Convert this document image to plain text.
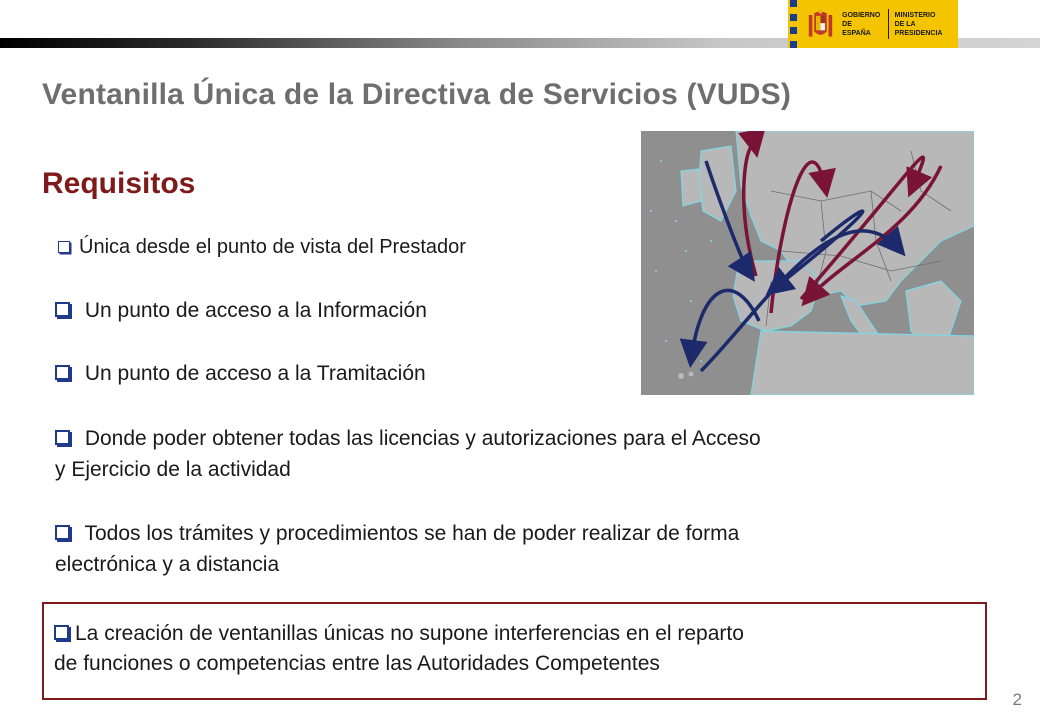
GOBIERNO
DE ESPAÑA
MINISTERIO
DE LA PRESIDENCIA
Ventanilla Única de la Directiva de Servicios (VUDS)
Requisitos
Única desde el punto de vista del Prestador
Un punto de acceso a la Información
Un punto de acceso a la Tramitación
Donde poder obtener todas las licencias y autorizaciones para el Acceso
y Ejercicio de la actividad
Todos los trámites y procedimientos se han de poder realizar de forma
electrónica y a distancia
La creación de ventanillas únicas no supone interferencias en el reparto
de funciones o competencias entre las Autoridades Competentes
2
